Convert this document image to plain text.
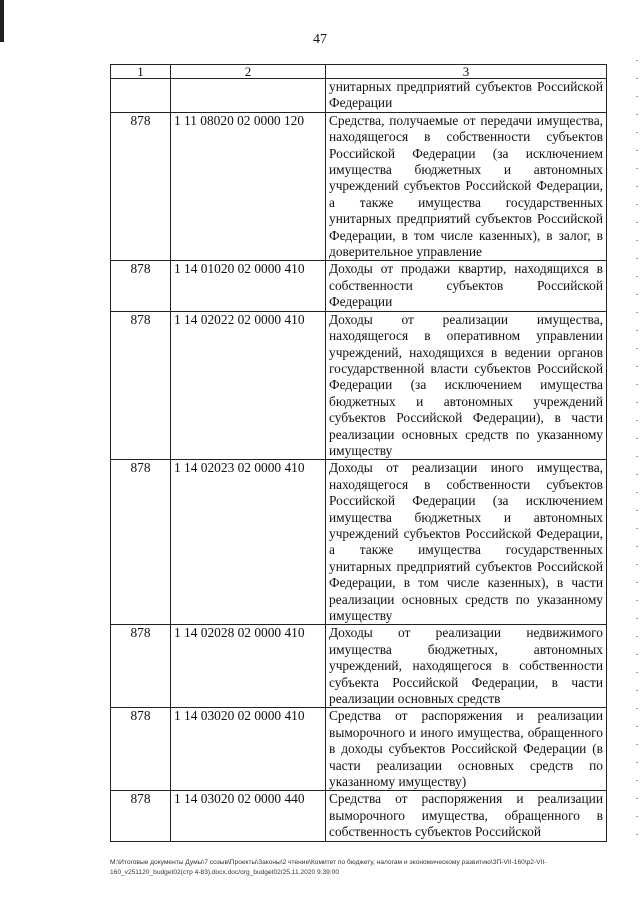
47
1	2	3
		унитарных предприятий субъектов Российской Федерации
878	1 11 08020 02 0000 120	Средства, получаемые от передачи имущества, находящегося в собственности субъектов Российской Федерации (за исключением имущества бюджетных и автономных учреждений субъектов Российской Федерации, а также имущества государственных унитарных предприятий субъектов Российской Федерации, в том числе казенных), в залог, в доверительное управление
878	1 14 01020 02 0000 410	Доходы от продажи квартир, находящихся в собственности субъектов Российской Федерации
878	1 14 02022 02 0000 410	Доходы от реализации имущества, находящегося в оперативном управлении учреждений, находящихся в ведении органов государственной власти субъектов Российской Федерации (за исключением имущества бюджетных и автономных учреждений субъектов Российской Федерации), в части реализации основных средств по указанному имуществу
878	1 14 02023 02 0000 410	Доходы от реализации иного имущества, находящегося в собственности субъектов Российской Федерации (за исключением имущества бюджетных и автономных учреждений субъектов Российской Федерации, а также имущества государственных унитарных предприятий субъектов Российской Федерации, в том числе казенных), в части реализации основных средств по указанному имуществу
878	1 14 02028 02 0000 410	Доходы от реализации недвижимого имущества бюджетных, автономных учреждений, находящегося в собственности субъекта Российской Федерации, в части реализации основных средств
878	1 14 03020 02 0000 410	Средства от распоряжения и реализации выморочного и иного имущества, обращенного в доходы субъектов Российской Федерации (в части реализации основных средств по указанному имуществу)
878	1 14 03020 02 0000 440	Средства от распоряжения и реализации выморочного имущества, обращенного в собственность субъектов Российской
M:\Итоговые документы Думы\7 созыв\Проекты\Законы\2 чтение\Комитет по бюджету, налогам и экономическому развитию\ЗП-VII-160\р2-VII-
160_v251120_budget02(стр 4-83).docx.doc/org_budget02/25.11.2020 9:39:00
